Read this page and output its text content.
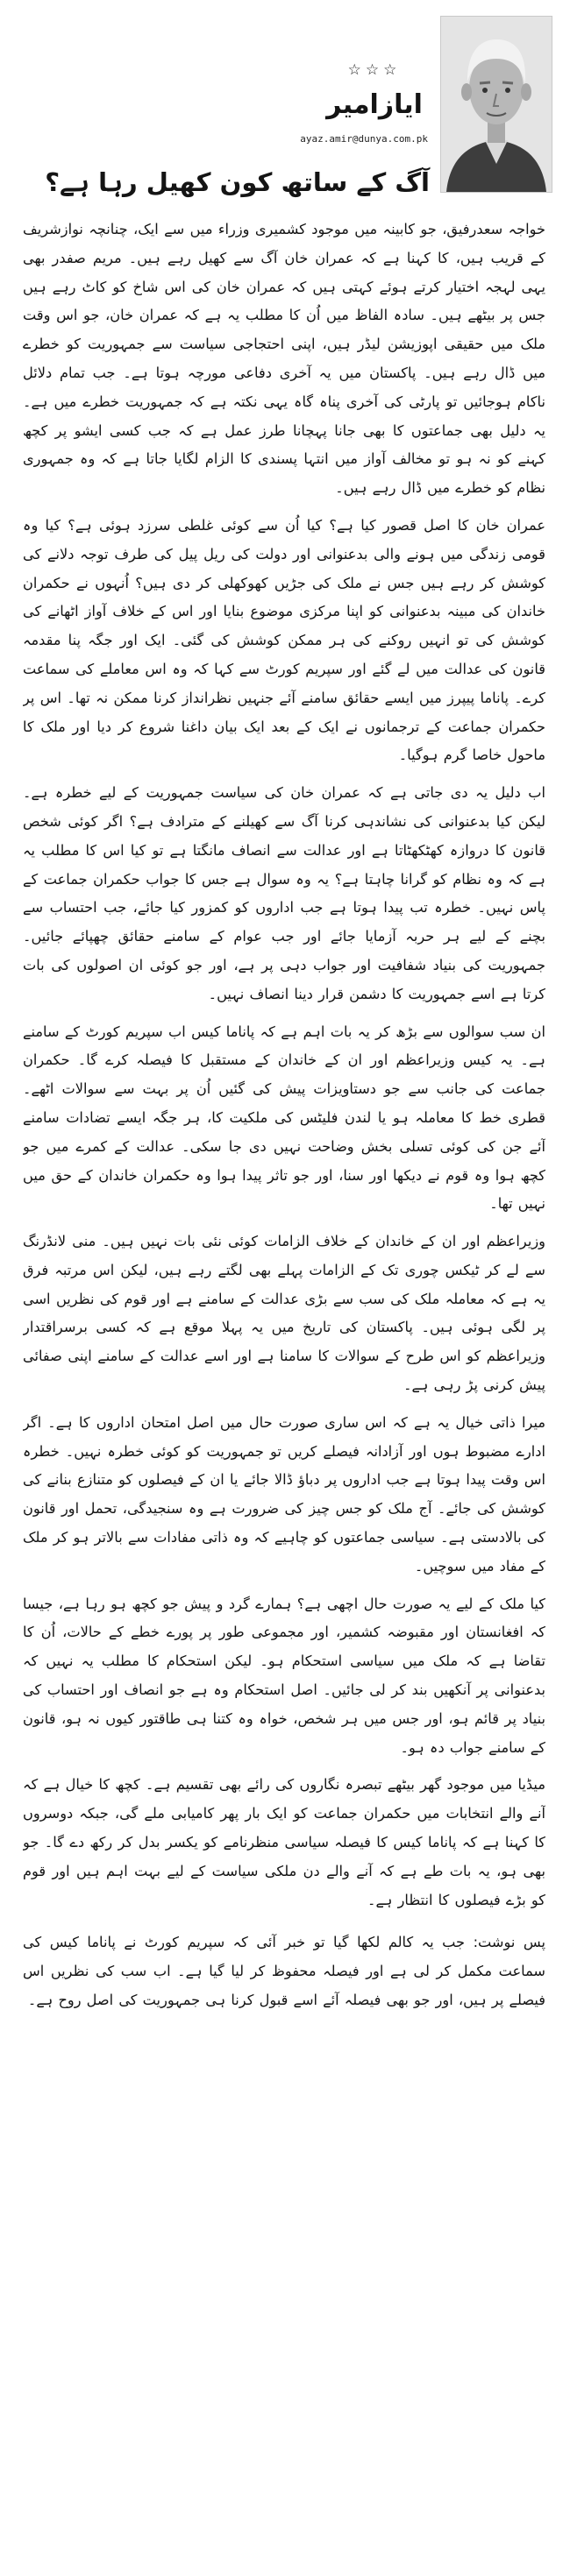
☆☆☆
ایازامیر
ayaz.amir@dunya.com.pk
آگ کے ساتھ کون کھیل رہا ہے؟

خواجہ سعدرفیق، جو کابینہ میں موجود کشمیری وزراء میں سے ایک، چنانچہ نوازشریف کے قریب ہیں، کا کہنا ہے کہ عمران خان آگ سے کھیل رہے ہیں۔ مریم صفدر بھی یہی لہجہ اختیار کرتے ہوئے کہتی ہیں کہ عمران خان کی اس شاخ کو کاٹ رہے ہیں جس پر بیٹھے ہیں۔ سادہ الفاظ میں اُن کا مطلب یہ ہے کہ عمران خان، جو اس وقت ملک میں حقیقی اپوزیشن لیڈر ہیں، اپنی احتجاجی سیاست سے جمہوریت کو خطرے میں ڈال رہے ہیں۔ پاکستان میں یہ آخری دفاعی مورچہ ہوتا ہے۔ جب تمام دلائل ناکام ہوجائیں تو پارٹی کی آخری پناہ گاہ یہی نکتہ ہے کہ جمہوریت خطرے میں ہے۔ یہ دلیل بھی جماعتوں کا بھی جانا پہچانا طرز عمل ہے کہ جب کسی ایشو پر کچھ کہنے کو نہ ہو تو مخالف آواز میں انتہا پسندی کا الزام لگایا جاتا ہے کہ وہ جمہوری نظام کو خطرے میں ڈال رہے ہیں۔

عمران خان کا اصل قصور کیا ہے؟ کیا اُن سے کوئی غلطی سرزد ہوئی ہے؟ کیا وہ قومی زندگی میں ہونے والی بدعنوانی اور دولت کی ریل پیل کی طرف توجہ دلانے کی کوشش کر رہے ہیں جس نے ملک کی جڑیں کھوکھلی کر دی ہیں؟ اُنہوں نے حکمران خاندان کی مبینہ بدعنوانی کو اپنا مرکزی موضوع بنایا اور اس کے خلاف آواز اٹھانے کی کوشش کی تو انہیں روکنے کی ہر ممکن کوشش کی گئی۔ ایک اور جگہ پنا مقدمہ قانون کی عدالت میں لے گئے اور سپریم کورٹ سے کہا کہ وہ اس معاملے کی سماعت کرے۔ پاناما پیپرز میں ایسے حقائق سامنے آئے جنہیں نظرانداز کرنا ممکن نہ تھا۔ اس پر حکمران جماعت کے ترجمانوں نے ایک کے بعد ایک بیان داغنا شروع کر دیا اور ملک کا ماحول خاصا گرم ہوگیا۔

اب دلیل یہ دی جاتی ہے کہ عمران خان کی سیاست جمہوریت کے لیے خطرہ ہے۔ لیکن کیا بدعنوانی کی نشاندہی کرنا آگ سے کھیلنے کے مترادف ہے؟ اگر کوئی شخص قانون کا دروازہ کھٹکھٹاتا ہے اور عدالت سے انصاف مانگتا ہے تو کیا اس کا مطلب یہ ہے کہ وہ نظام کو گرانا چاہتا ہے؟ یہ وہ سوال ہے جس کا جواب حکمران جماعت کے پاس نہیں۔ خطرہ تب پیدا ہوتا ہے جب اداروں کو کمزور کیا جائے، جب احتساب سے بچنے کے لیے ہر حربہ آزمایا جائے اور جب عوام کے سامنے حقائق چھپائے جائیں۔ جمہوریت کی بنیاد شفافیت اور جواب دہی پر ہے، اور جو کوئی ان اصولوں کی بات کرتا ہے اسے جمہوریت کا دشمن قرار دینا انصاف نہیں۔

ان سب سوالوں سے بڑھ کر یہ بات اہم ہے کہ پاناما کیس اب سپریم کورٹ کے سامنے ہے۔ یہ کیس وزیراعظم اور ان کے خاندان کے مستقبل کا فیصلہ کرے گا۔ حکمران جماعت کی جانب سے جو دستاویزات پیش کی گئیں اُن پر بہت سے سوالات اٹھے۔ قطری خط کا معاملہ ہو یا لندن فلیٹس کی ملکیت کا، ہر جگہ ایسے تضادات سامنے آئے جن کی کوئی تسلی بخش وضاحت نہیں دی جا سکی۔ عدالت کے کمرے میں جو کچھ ہوا وہ قوم نے دیکھا اور سنا، اور جو تاثر پیدا ہوا وہ حکمران خاندان کے حق میں نہیں تھا۔

وزیراعظم اور ان کے خاندان کے خلاف الزامات کوئی نئی بات نہیں ہیں۔ منی لانڈرنگ سے لے کر ٹیکس چوری تک کے الزامات پہلے بھی لگتے رہے ہیں، لیکن اس مرتبہ فرق یہ ہے کہ معاملہ ملک کی سب سے بڑی عدالت کے سامنے ہے اور قوم کی نظریں اسی پر لگی ہوئی ہیں۔ پاکستان کی تاریخ میں یہ پہلا موقع ہے کہ کسی برسراقتدار وزیراعظم کو اس طرح کے سوالات کا سامنا ہے اور اسے عدالت کے سامنے اپنی صفائی پیش کرنی پڑ رہی ہے۔

میرا ذاتی خیال یہ ہے کہ اس ساری صورت حال میں اصل امتحان اداروں کا ہے۔ اگر ادارے مضبوط ہوں اور آزادانہ فیصلے کریں تو جمہوریت کو کوئی خطرہ نہیں۔ خطرہ اس وقت پیدا ہوتا ہے جب اداروں پر دباؤ ڈالا جائے یا ان کے فیصلوں کو متنازع بنانے کی کوشش کی جائے۔ آج ملک کو جس چیز کی ضرورت ہے وہ سنجیدگی، تحمل اور قانون کی بالادستی ہے۔ سیاسی جماعتوں کو چاہیے کہ وہ ذاتی مفادات سے بالاتر ہو کر ملک کے مفاد میں سوچیں۔

کیا ملک کے لیے یہ صورت حال اچھی ہے؟ ہمارے گرد و پیش جو کچھ ہو رہا ہے، جیسا کہ افغانستان اور مقبوضہ کشمیر، اور مجموعی طور پر پورے خطے کے حالات، اُن کا تقاضا ہے کہ ملک میں سیاسی استحکام ہو۔ لیکن استحکام کا مطلب یہ نہیں کہ بدعنوانی پر آنکھیں بند کر لی جائیں۔ اصل استحکام وہ ہے جو انصاف اور احتساب کی بنیاد پر قائم ہو، اور جس میں ہر شخص، خواہ وہ کتنا ہی طاقتور کیوں نہ ہو، قانون کے سامنے جواب دہ ہو۔

میڈیا میں موجود گھر بیٹھے تبصرہ نگاروں کی رائے بھی تقسیم ہے۔ کچھ کا خیال ہے کہ آنے والے انتخابات میں حکمران جماعت کو ایک بار پھر کامیابی ملے گی، جبکہ دوسروں کا کہنا ہے کہ پاناما کیس کا فیصلہ سیاسی منظرنامے کو یکسر بدل کر رکھ دے گا۔ جو بھی ہو، یہ بات طے ہے کہ آنے والے دن ملکی سیاست کے لیے بہت اہم ہیں اور قوم کو بڑے فیصلوں کا انتظار ہے۔

پس نوشت: جب یہ کالم لکھا گیا تو خبر آئی کہ سپریم کورٹ نے پاناما کیس کی سماعت مکمل کر لی ہے اور فیصلہ محفوظ کر لیا گیا ہے۔ اب سب کی نظریں اس فیصلے پر ہیں، اور جو بھی فیصلہ آئے اسے قبول کرنا ہی جمہوریت کی اصل روح ہے۔
